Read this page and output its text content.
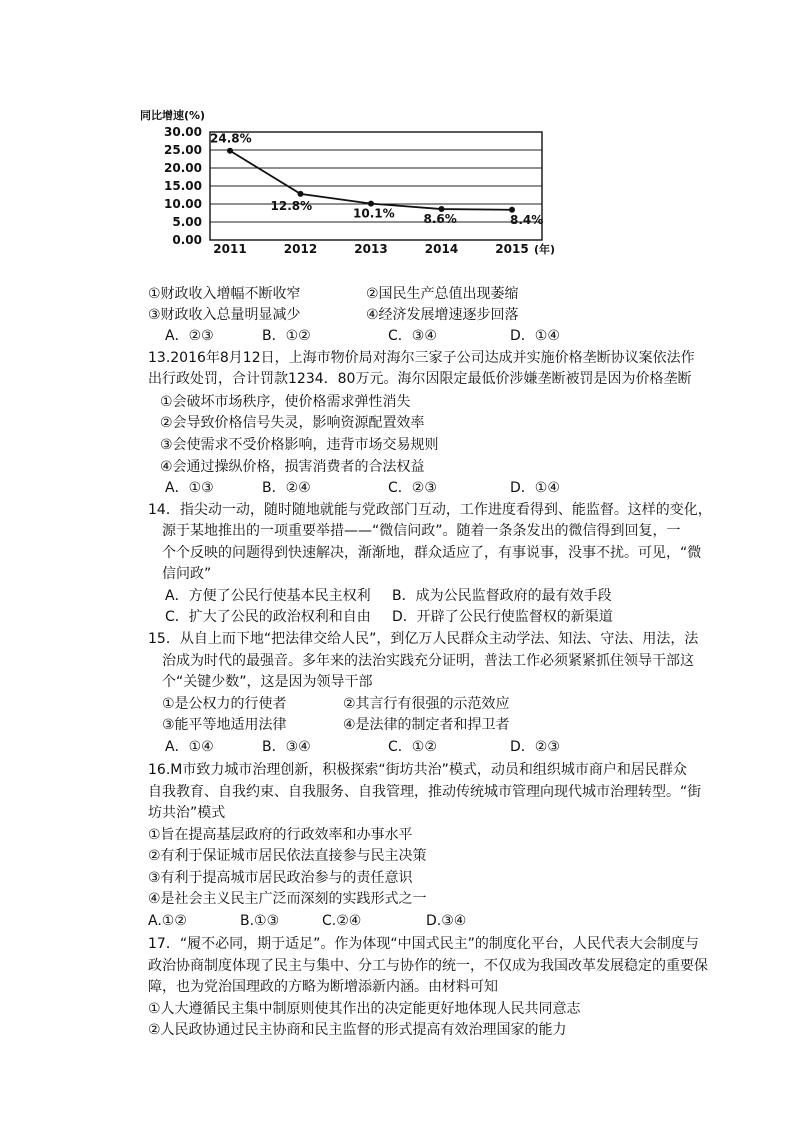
同比增速(%)
30.00
25.00
20.00
15.00
10.00
5.00
0.00
2011	2012	2013	2014	2015 (年)
24.8%
12.8%
10.1% 8.6%	8.4%
①财政收入增幅不断收窄	②国民生产总值出现萎缩
③财政收入总量明显减少	④经济发展增速逐步回落
A．②③	B．①②	C．③④	D．①④
13.2016年8月12日，上海市物价局对海尔三家子公司达成并实施价格垄断协议案依法作
出行政处罚，合计罚款1234．80万元。海尔因限定最低价涉嫌垄断被罚是因为价格垄断
①会破坏市场秩序，使价格需求弹性消失
②会导致价格信号失灵，影响资源配置效率
③会使需求不受价格影响，违背市场交易规则
④会通过操纵价格，损害消费者的合法权益
A．①③	B．②④	C．②③	D．①④
14．指尖动一动，随时随地就能与党政部门互动，工作进度看得到、能监督。这样的变化，
源于某地推出的一项重要举措——“微信问政”。随着一条条发出的微信得到回复，一
个个反映的问题得到快速解决，渐渐地，群众适应了，有事说事，没事不扰。可见，“微
信问政”
A．方便了公民行使基本民主权利 B．成为公民监督政府的最有效手段
C．扩大了公民的政治权利和自由 D．开辟了公民行使监督权的新渠道
15．从自上而下地“把法律交给人民”，到亿万人民群众主动学法、知法、守法、用法，法
治成为时代的最强音。多年来的法治实践充分证明，普法工作必须紧紧抓住领导干部这
个“关键少数”，这是因为领导干部
①是公权力的行使者	②其言行有很强的示范效应
③能平等地适用法律	④是法律的制定者和捍卫者
A．①④	B．③④	C．①②	D．②③
16.M市致力城市治理创新，积极探索“街坊共治”模式，动员和组织城市商户和居民群众
自我教育、自我约束、自我服务、自我管理，推动传统城市管理向现代城市治理转型。“街
坊共治”模式
①旨在提高基层政府的行政效率和办事水平
②有利于保证城市居民依法直接参与民主决策
③有利于提高城市居民政治参与的责任意识
④是社会主义民主广泛而深刻的实践形式之一
A.①②	B.①③	C.②④	D.③④
17．“履不必同，期于适足”。作为体现“中国式民主”的制度化平台，人民代表大会制度与
政治协商制度体现了民主与集中、分工与协作的统一，不仅成为我国改革发展稳定的重要保
障，也为党治国理政的方略为断增添新内涵。由材料可知
①人大遵循民主集中制原则使其作出的决定能更好地体现人民共同意志
②人民政协通过民主协商和民主监督的形式提高有效治理国家的能力
